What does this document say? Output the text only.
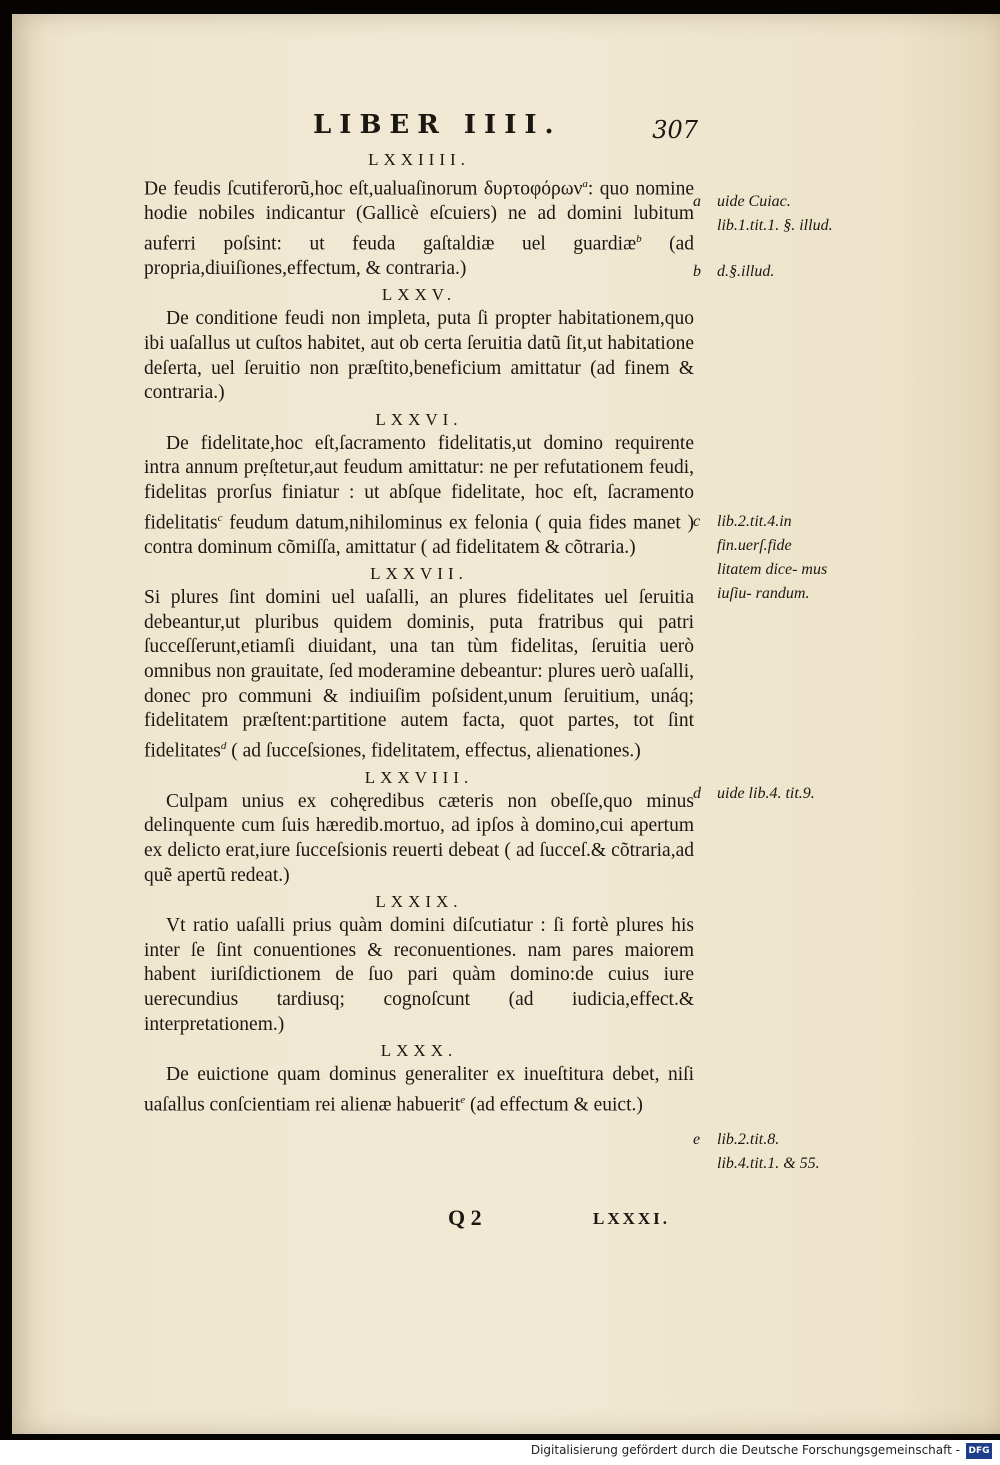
LIBER IIII.	307

LXXIIII.

De feudis ſcutiferorũ,hoc eſt,ualuaſinorum δυρτοφόρων$^a$: quo nomine hodie nobiles indicantur (Gallicè eſcuiers) ne ad domini lubitum auferri poſsint: ut feuda gaſtaldiæ uel guardiæ$^b$ (ad propria,diuiſiones,effectum, & contraria.)

LXXV.

De conditione feudi non impleta, puta ſi propter habitationem,quo ibi uaſallus ut cuſtos habitet, aut ob certa ſeruitia datũ ſit,ut habitatione deſerta, uel ſeruitio non præſtito,beneficium amittatur (ad finem & contraria.)

LXXVI.

De fidelitate,hoc eſt,ſacramento fidelitatis,ut domino requirente intra annum prẹſtetur,aut feudum amittatur: ne per refutationem feudi, fidelitas prorſus finiatur : ut abſque fidelitate, hoc eſt, ſacramento fidelitatis$^c$ feudum datum,nihilominus ex felonia ( quia fides manet ) contra dominum cõmiſſa, amittatur ( ad fidelitatem & cõtraria.)

LXXVII.

Si plures ſint domini uel uaſalli, an plures fidelitates uel ſeruitia debeantur,ut pluribus quidem dominis, puta fratribus qui patri ſucceſſerunt,etiamſi diuidant, una tan tùm fidelitas, ſeruitia uerò omnibus non grauitate, ſed moderamine debeantur: plures uerò uaſalli, donec pro communi & indiuiſim poſsident,unum ſeruitium, unáq; fidelitatem præſtent:partitione autem facta, quot partes, tot ſint fidelitates$^d$ ( ad ſucceſsiones, fidelitatem, effectus, alienationes.)

LXXVIII.

Culpam unius ex cohęredibus cæteris non obeſſe,quo minus delinquente cum ſuis hæredib.mortuo, ad ipſos à domino,cui apertum ex delicto erat,iure ſucceſsionis reuerti debeat ( ad ſucceſ.& cõtraria,ad quẽ apertũ redeat.)

LXXIX.

Vt ratio uaſalli prius quàm domini diſcutiatur : ſi fortè plures his inter ſe ſint conuentiones & reconuentiones. nam pares maiorem habent iuriſdictionem de ſuo pari quàm domino:de cuius iure uerecundius tardiusq; cognoſcunt (ad iudicia,effect.& interpretationem.)

LXXX.

De euictione quam dominus generaliter ex inueſtitura debet, niſi uaſallus conſcientiam rei alienæ habuerit$^e$ (ad effectum & euict.)

a	uide Cuiac. lib.1.tit.1. §. illud.
b	d.§.illud.
c	lib.2.tit.4.in fin.uerſ.fide litatem dice- mus iuſiu- randum.
d	uide lib.4. tit.9.
e	lib.2.tit.8. lib.4.tit.1. & 55.
Q 2	LXXXI.
Digitalisierung gefördert durch die Deutsche Forschungsgemeinschaft - DFG
